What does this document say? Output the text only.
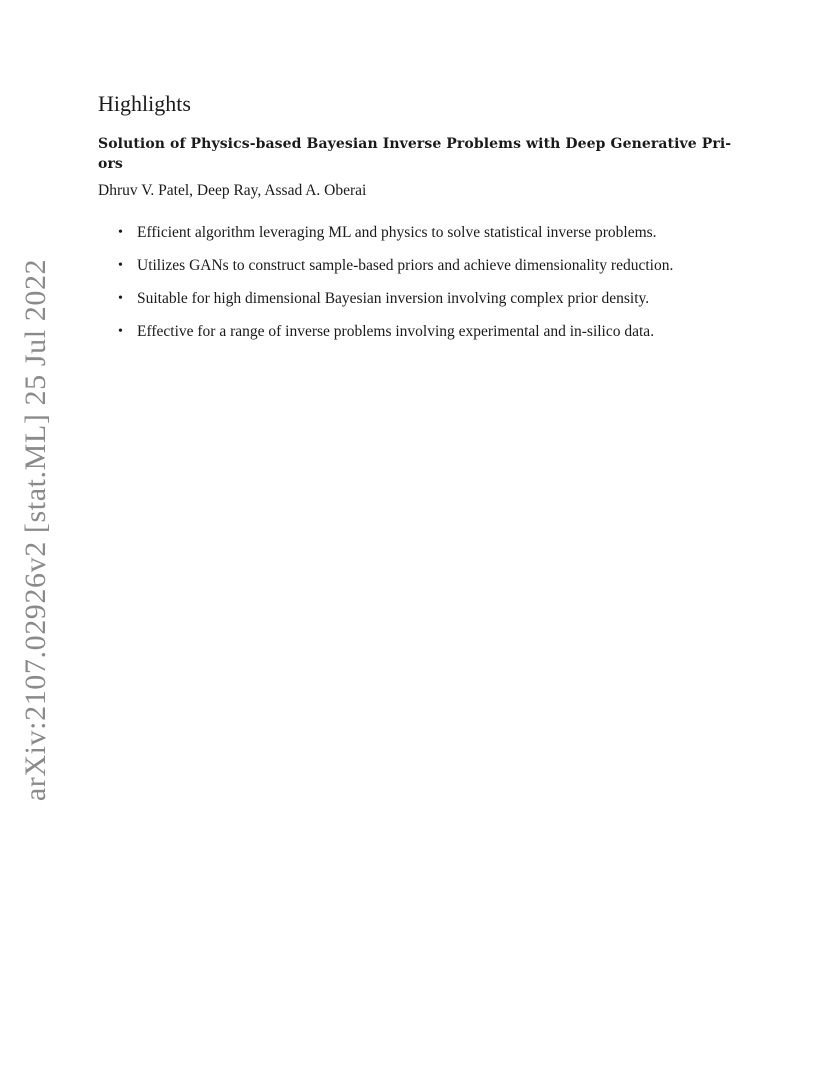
arXiv:2107.02926v2 [stat.ML] 25 Jul 2022
Highlights
Solution of Physics-based Bayesian Inverse Problems with Deep Generative Pri-
ors

Dhruv V. Patel, Deep Ray, Assad A. Oberai

• Efficient algorithm leveraging ML and physics to solve statistical inverse problems.
• Utilizes GANs to construct sample-based priors and achieve dimensionality reduction.
• Suitable for high dimensional Bayesian inversion involving complex prior density.
• Effective for a range of inverse problems involving experimental and in-silico data.
